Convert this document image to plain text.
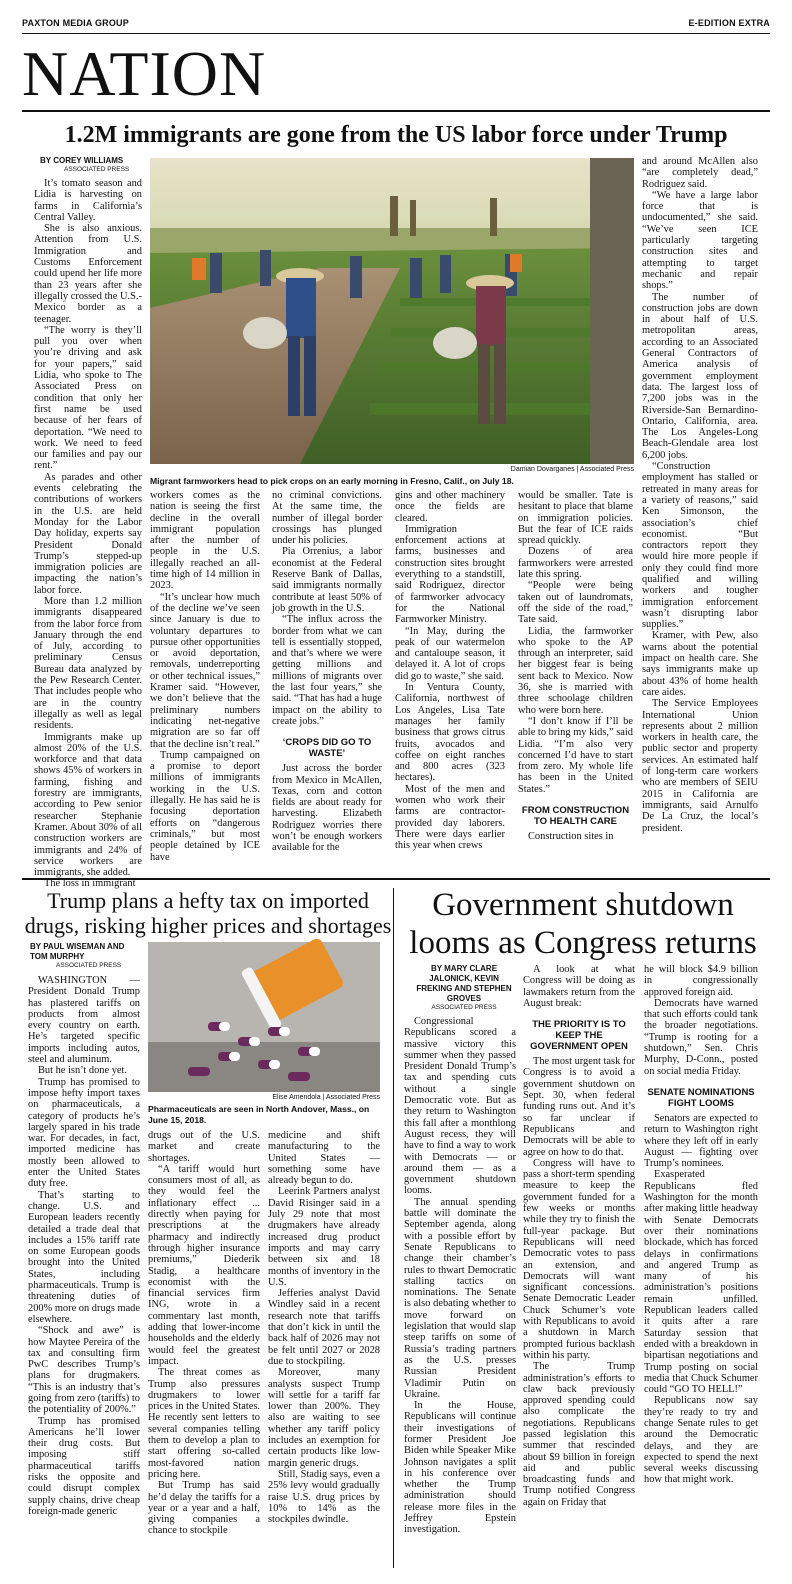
PAXTON MEDIA GROUP	E-EDITION EXTRA
NATION
1.2M immigrants are gone from the US labor force under Trump
BY COREY WILLIAMS
ASSOCIATED PRESS

It’s tomato season and Lidia is harvesting on farms in California’s Central Valley.

She is also anxious. Attention from U.S. Immigration and Customs Enforcement could upend her life more than 23 years after she illegally crossed the U.S.-Mexico border as a teenager.

“The worry is they’ll pull you over when you’re driving and ask for your papers,” said Lidia, who spoke to The Associated Press on condition that only her first name be used because of her fears of deportation. “We need to work. We need to feed our families and pay our rent.”

As parades and other events celebrating the contributions of workers in the U.S. are held Monday for the Labor Day holiday, experts say President Donald Trump’s stepped-up immigration policies are impacting the nation’s labor force.

More than 1.2 million immigrants disappeared from the labor force from January through the end of July, according to preliminary Census Bureau data analyzed by the Pew Research Center. That includes people who are in the country illegally as well as legal residents.

Immigrants make up almost 20% of the U.S. workforce and that data shows 45% of workers in farming, fishing and forestry are immigrants, according to Pew senior researcher Stephanie Kramer. About 30% of all construction workers are immigrants and 24% of service workers are immigrants, she added.

The loss in immigrant

Damian Dovarganes | Associated Press
Migrant farmworkers head to pick crops on an early morning in Fresno, Calif., on July 18.

workers comes as the nation is seeing the first decline in the overall immigrant population after the number of people in the U.S. illegally reached an all-time high of 14 million in 2023.

“It’s unclear how much of the decline we’ve seen since January is due to voluntary departures to pursue other opportunities or avoid deportation, removals, underreporting or other technical issues,” Kramer said. “However, we don’t believe that the preliminary numbers indicating net-negative migration are so far off that the decline isn’t real.”

Trump campaigned on a promise to deport millions of immigrants working in the U.S. illegally. He has said he is focusing deportation efforts on “dangerous criminals,” but most people detained by ICE have

no criminal convictions. At the same time, the number of illegal border crossings has plunged under his policies.

Pia Orrenius, a labor economist at the Federal Reserve Bank of Dallas, said immigrants normally contribute at least 50% of job growth in the U.S.

“The influx across the border from what we can tell is essentially stopped, and that’s where we were getting millions and millions of migrants over the last four years,” she said. “That has had a huge impact on the ability to create jobs.”

‘CROPS DID GO TO WASTE’

Just across the border from Mexico in McAllen, Texas, corn and cotton fields are about ready for harvesting. Elizabeth Rodriguez worries there won’t be enough workers available for the

gins and other machinery once the fields are cleared.

Immigration enforcement actions at farms, businesses and construction sites brought everything to a standstill, said Rodriguez, director of farmworker advocacy for the National Farmworker Ministry.

“In May, during the peak of our watermelon and cantaloupe season, it delayed it. A lot of crops did go to waste,” she said.

In Ventura County, California, northwest of Los Angeles, Lisa Tate manages her family business that grows citrus fruits, avocados and coffee on eight ranches and 800 acres (323 hectares).

Most of the men and women who work their farms are contractor-provided day laborers. There were days earlier this year when crews

would be smaller. Tate is hesitant to place that blame on immigration policies. But the fear of ICE raids spread quickly.

Dozens of area farmworkers were arrested late this spring.

“People were being taken out of laundromats, off the side of the road,” Tate said.

Lidia, the farmworker who spoke to the AP through an interpreter, said her biggest fear is being sent back to Mexico. Now 36, she is married with three schoolage children who were born here.

“I don’t know if I’ll be able to bring my kids,” said Lidia. “I’m also very concerned I’d have to start from zero. My whole life has been in the United States.”

FROM CONSTRUCTION TO HEALTH CARE

Construction sites in

and around McAllen also “are completely dead,” Rodriguez said.

“We have a large labor force that is undocumented,” she said. “We’ve seen ICE particularly targeting construction sites and attempting to target mechanic and repair shops.”

The number of construction jobs are down in about half of U.S. metropolitan areas, according to an Associated General Contractors of America analysis of government employment data. The largest loss of 7,200 jobs was in the Riverside-San Bernardino-Ontario, California, area. The Los Angeles-Long Beach-Glendale area lost 6,200 jobs.

“Construction employment has stalled or retreated in many areas for a variety of reasons,” said Ken Simonson, the association’s chief economist. “But contractors report they would hire more people if only they could find more qualified and willing workers and tougher immigration enforcement wasn’t disrupting labor supplies.”

Kramer, with Pew, also warns about the potential impact on health care. She says immigrants make up about 43% of home health care aides.

The Service Employees International Union represents about 2 million workers in health care, the public sector and property services. An estimated half of long-term care workers who are members of SEIU 2015 in California are immigrants, said Arnulfo De La Cruz, the local’s president.

Trump plans a hefty tax on imported drugs, risking higher prices and shortages
BY PAUL WISEMAN AND TOM MURPHY
ASSOCIATED PRESS

WASHINGTON — President Donald Trump has plastered tariffs on products from almost every country on earth. He’s targeted specific imports including autos, steel and aluminum.

But he isn’t done yet.

Trump has promised to impose hefty import taxes on pharmaceuticals, a category of products he’s largely spared in his trade war. For decades, in fact, imported medicine has mostly been allowed to enter the United States duty free.

That’s starting to change. U.S. and European leaders recently detailed a trade deal that includes a 15% tariff rate on some European goods brought into the United States, including pharmaceuticals. Trump is threatening duties of 200% more on drugs made elsewhere.

“Shock and awe” is how Maytee Pereira of the tax and consulting firm PwC describes Trump’s plans for drugmakers. “This is an industry that’s going from zero (tariffs) to the potentiality of 200%.”

Trump has promised Americans he’ll lower their drug costs. But imposing stiff pharmaceutical tariffs risks the opposite and could disrupt complex supply chains, drive cheap foreign-made generic

Elise Amendola | Associated Press
Pharmaceuticals are seen in North Andover, Mass., on June 15, 2018.

drugs out of the U.S. market and create shortages.

“A tariff would hurt consumers most of all, as they would feel the inflationary effect ... directly when paying for prescriptions at the pharmacy and indirectly through higher insurance premiums,” Diederik Stadig, a healthcare economist with the financial services firm ING, wrote in a commentary last month, adding that lower-income households and the elderly would feel the greatest impact.

The threat comes as Trump also pressures drugmakers to lower prices in the United States. He recently sent letters to several companies telling them to develop a plan to start offering so-called most-favored nation pricing here.

But Trump has said he’d delay the tariffs for a year or a year and a half, giving companies a chance to stockpile

medicine and shift manufacturing to the United States — something some have already begun to do.

Leerink Partners analyst David Risinger said in a July 29 note that most drugmakers have already increased drug product imports and may carry between six and 18 months of inventory in the U.S.

Jefferies analyst David Windley said in a recent research note that tariffs that don’t kick in until the back half of 2026 may not be felt until 2027 or 2028 due to stockpiling.

Moreover, many analysts suspect Trump will settle for a tariff far lower than 200%. They also are waiting to see whether any tariff policy includes an exemption for certain products like low-margin generic drugs.

Still, Stadig says, even a 25% levy would gradually raise U.S. drug prices by 10% to 14% as the stockpiles dwindle.

Government shutdown looms as Congress returns
BY MARY CLARE JALONICK, KEVIN FREKING AND STEPHEN GROVES
ASSOCIATED PRESS

Congressional Republicans scored a massive victory this summer when they passed President Donald Trump’s tax and spending cuts without a single Democratic vote. But as they return to Washington this fall after a monthlong August recess, they will have to find a way to work with Democrats — or around them — as a government shutdown looms.

The annual spending battle will dominate the September agenda, along with a possible effort by Senate Republicans to change their chamber’s rules to thwart Democratic stalling tactics on nominations. The Senate is also debating whether to move forward on legislation that would slap steep tariffs on some of Russia’s trading partners as the U.S. presses Russian President Vladimir Putin on Ukraine.

In the House, Republicans will continue their investigations of former President Joe Biden while Speaker Mike Johnson navigates a split in his conference over whether the Trump administration should release more files in the Jeffrey Epstein investigation.

A look at what Congress will be doing as lawmakers return from the August break:

THE PRIORITY IS TO KEEP THE GOVERNMENT OPEN

The most urgent task for Congress is to avoid a government shutdown on Sept. 30, when federal funding runs out. And it’s so far unclear if Republicans and Democrats will be able to agree on how to do that.

Congress will have to pass a short-term spending measure to keep the government funded for a few weeks or months while they try to finish the full-year package. But Republicans will need Democratic votes to pass an extension, and Democrats will want significant concessions. Senate Democratic Leader Chuck Schumer’s vote with Republicans to avoid a shutdown in March prompted furious backlash within his party.

The Trump administration’s efforts to claw back previously approved spending could also complicate the negotiations. Republicans passed legislation this summer that rescinded about $9 billion in foreign aid and public broadcasting funds and Trump notified Congress again on Friday that

he will block $4.9 billion in congressionally approved foreign aid.

Democrats have warned that such efforts could tank the broader negotiations. “Trump is rooting for a shutdown,” Sen. Chris Murphy, D-Conn., posted on social media Friday.

SENATE NOMINATIONS FIGHT LOOMS

Senators are expected to return to Washington right where they left off in early August — fighting over Trump’s nominees.

Exasperated Republicans fled Washington for the month after making little headway with Senate Democrats over their nominations blockade, which has forced delays in confirmations and angered Trump as many of his administration’s positions remain unfilled. Republican leaders called it quits after a rare Saturday session that ended with a breakdown in bipartisan negotiations and Trump posting on social media that Chuck Schumer could “GO TO HELL!”

Republicans now say they’re ready to try and change Senate rules to get around the Democratic delays, and they are expected to spend the next several weeks discussing how that might work.
